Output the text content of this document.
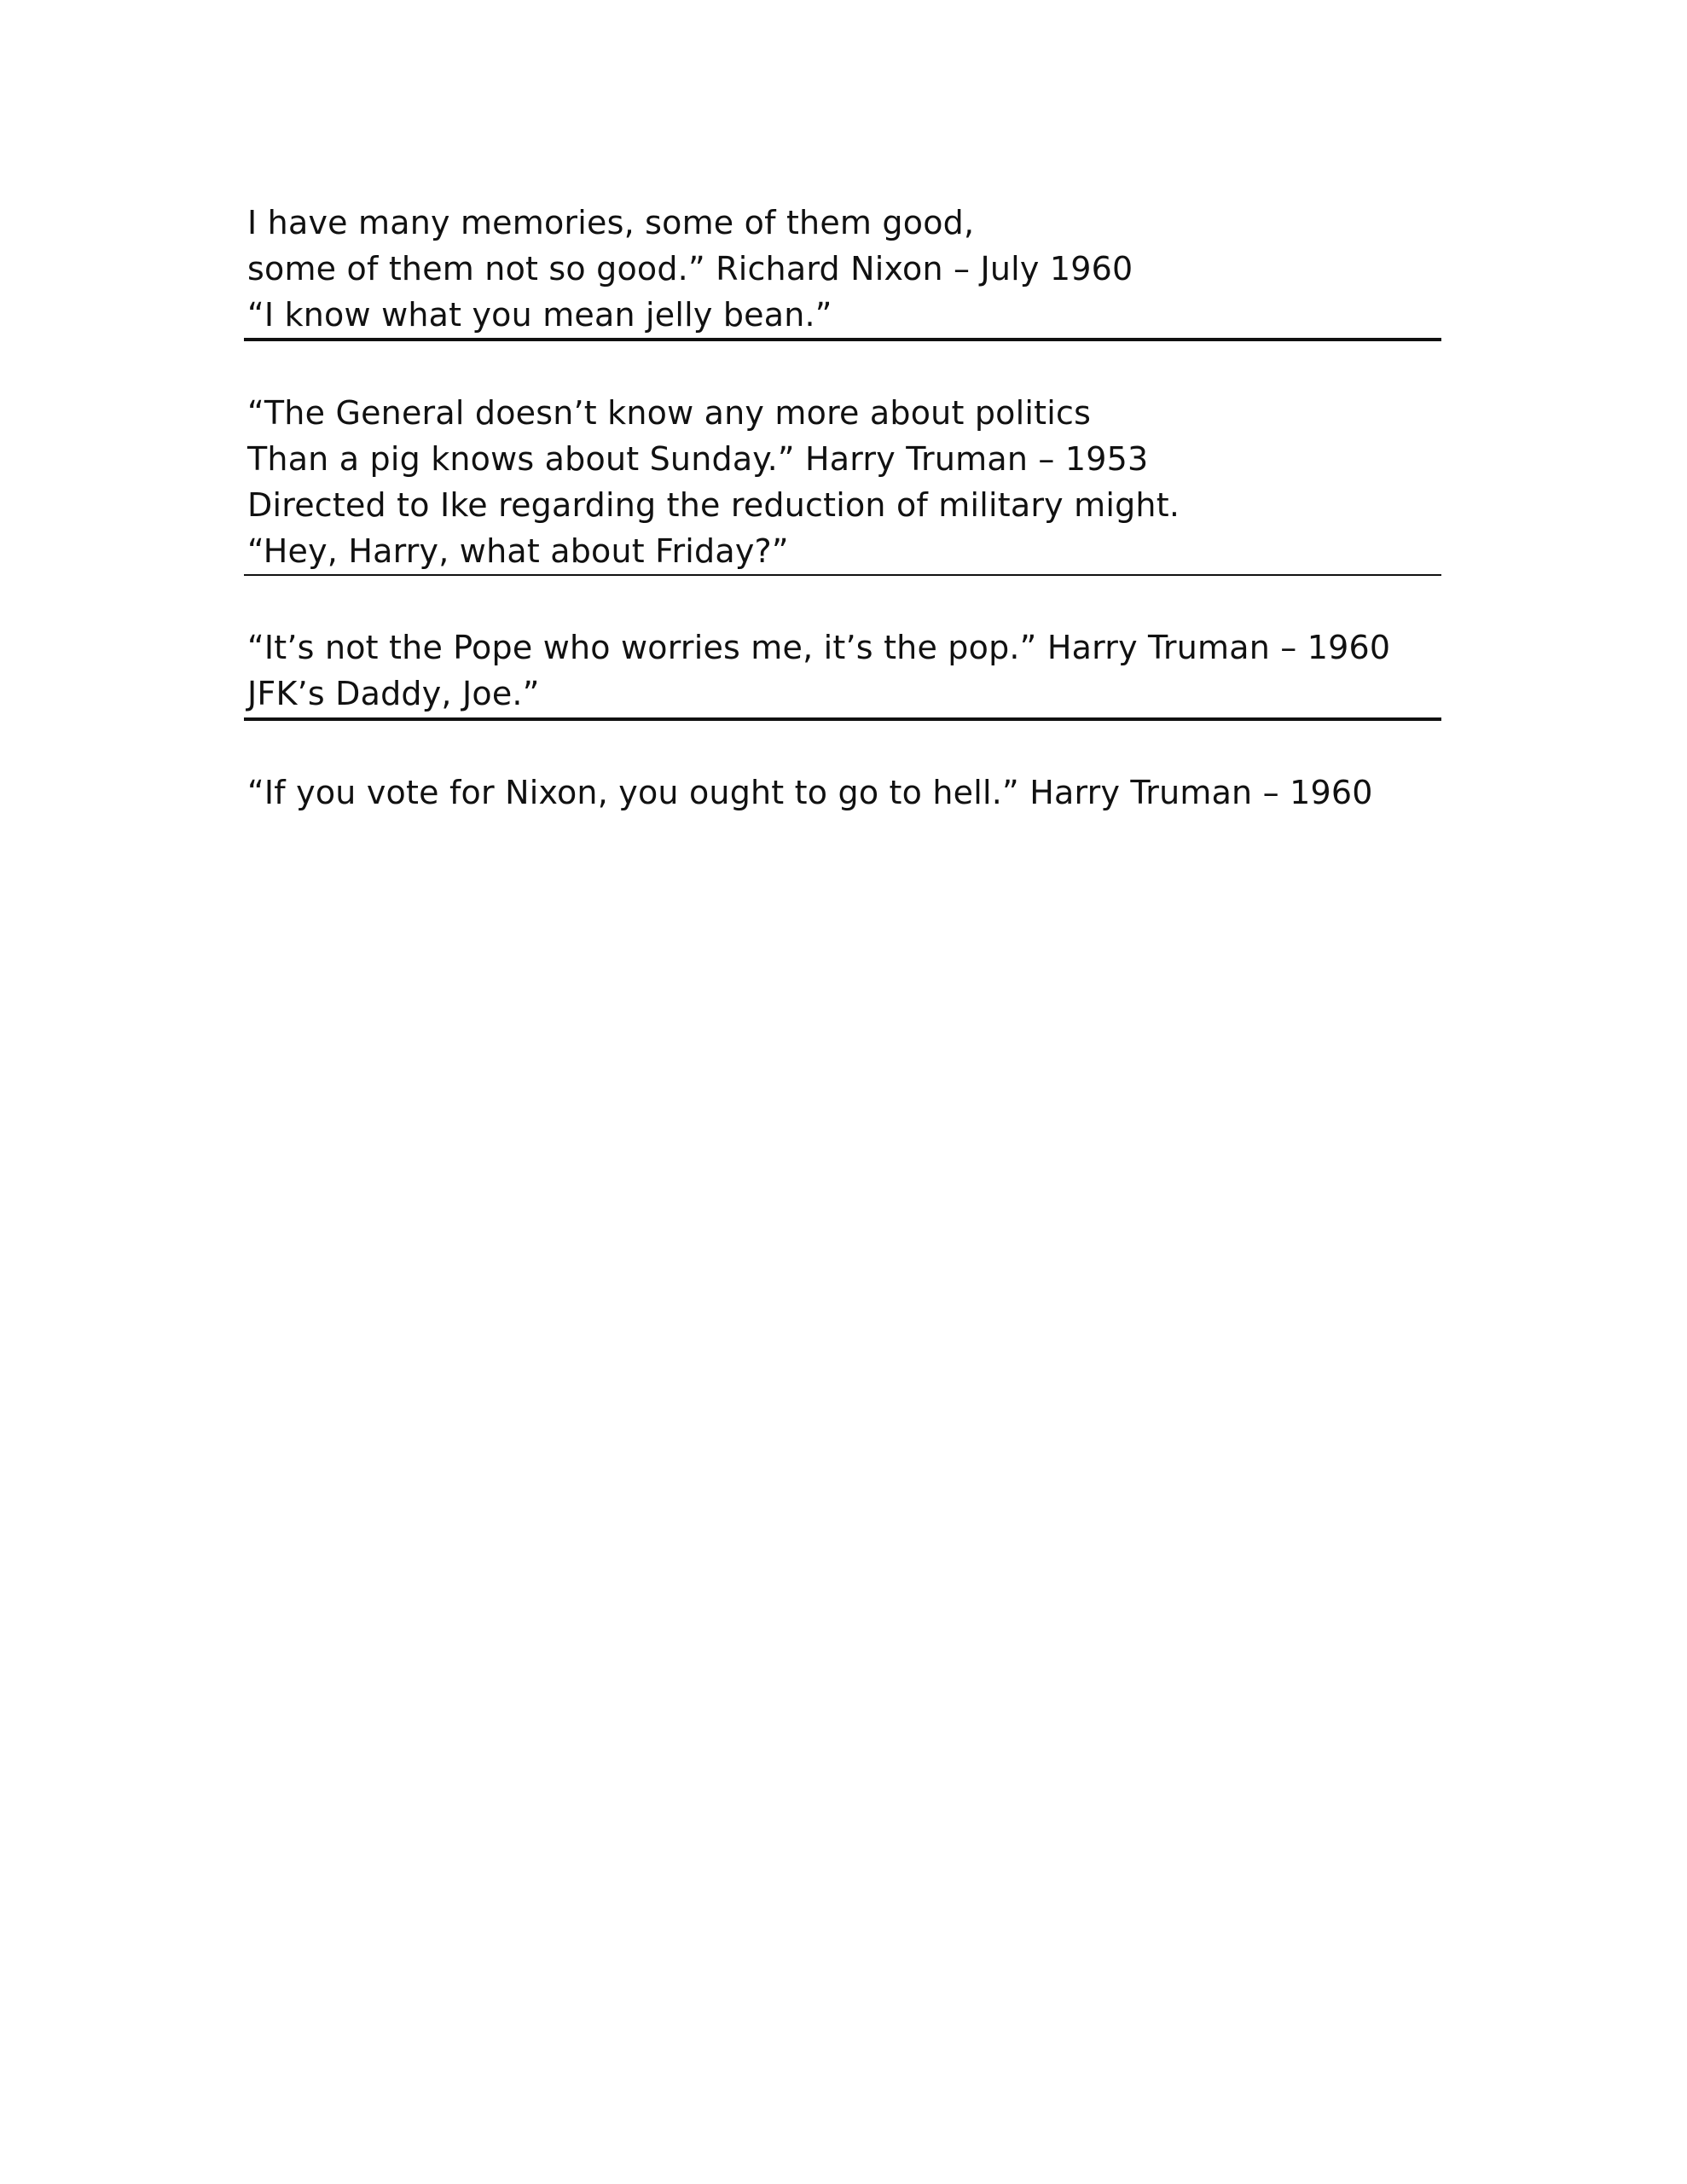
I have many memories, some of them good,
some of them not so good.” Richard Nixon – July 1960
“I know what you mean jelly bean.”
“The General doesn’t know any more about politics
Than a pig knows about Sunday.” Harry Truman – 1953
Directed to Ike regarding the reduction of military might.
“Hey, Harry, what about Friday?”
“It’s not the Pope who worries me, it’s the pop.” Harry Truman – 1960
JFK’s Daddy, Joe.”
“If you vote for Nixon, you ought to go to hell.” Harry Truman – 1960
